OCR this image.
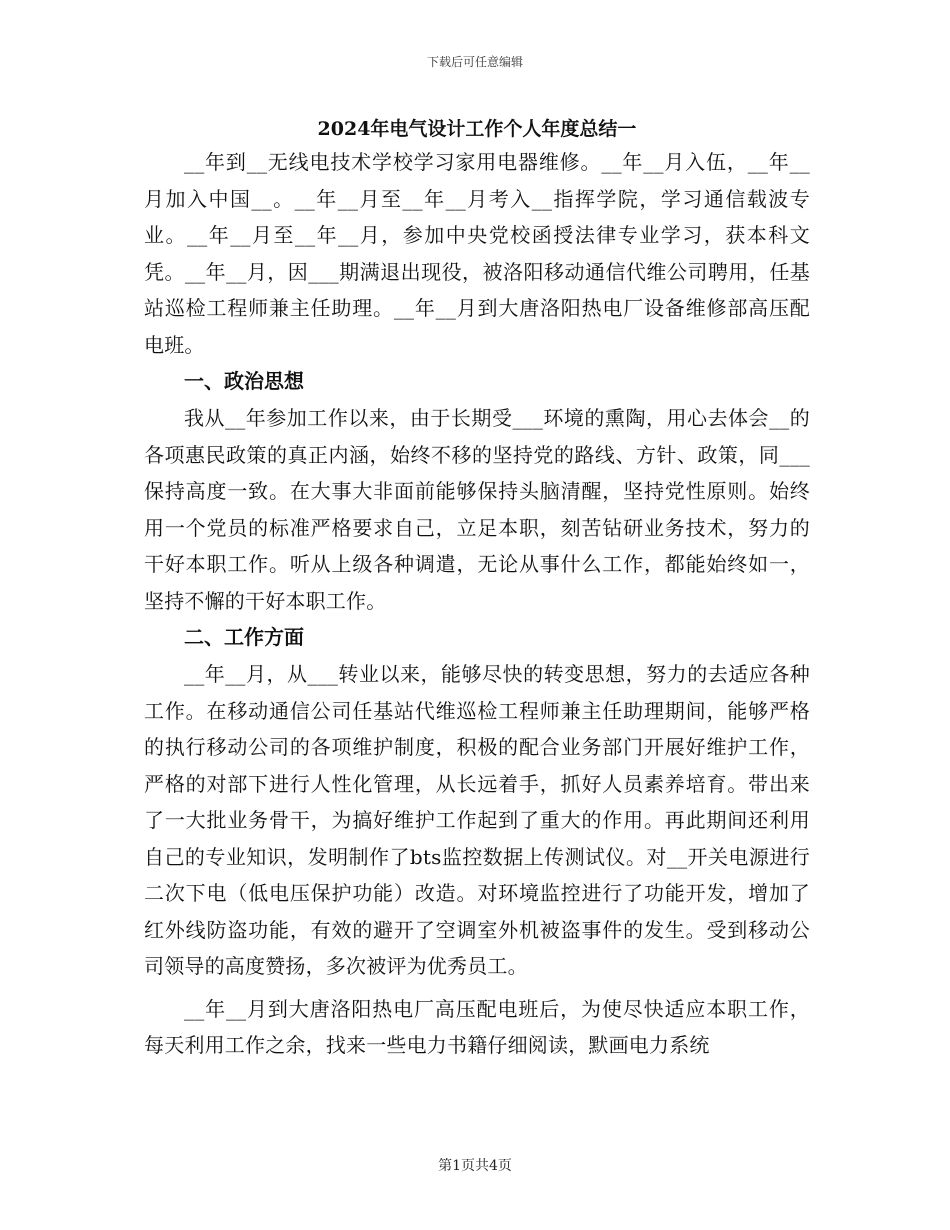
下载后可任意编辑
2024年电气设计工作个人年度总结一

__年到__无线电技术学校学习家用电器维修。__年__月入伍，__年__月加入中国__。__年__月至__年__月考入__指挥学院，学习通信载波专业。__年__月至__年__月，参加中央党校函授法律专业学习，获本科文凭。__年__月，因___期满退出现役，被洛阳移动通信代维公司聘用，任基站巡检工程师兼主任助理。__年__月到大唐洛阳热电厂设备维修部高压配电班。

一、政治思想

我从__年参加工作以来，由于长期受___环境的熏陶，用心去体会__的各项惠民政策的真正内涵，始终不移的坚持党的路线、方针、政策，同___保持高度一致。在大事大非面前能够保持头脑清醒，坚持党性原则。始终用一个党员的标准严格要求自己，立足本职，刻苦钻研业务技术，努力的干好本职工作。听从上级各种调遣，无论从事什么工作，都能始终如一，坚持不懈的干好本职工作。

二、工作方面

__年__月，从___转业以来，能够尽快的转变思想，努力的去适应各种工作。在移动通信公司任基站代维巡检工程师兼主任助理期间，能够严格的执行移动公司的各项维护制度，积极的配合业务部门开展好维护工作，严格的对部下进行人性化管理，从长远着手，抓好人员素养培育。带出来了一大批业务骨干，为搞好维护工作起到了重大的作用。再此期间还利用自己的专业知识，发明制作了bts监控数据上传测试仪。对__开关电源进行二次下电（低电压保护功能）改造。对环境监控进行了功能开发，增加了红外线防盗功能，有效的避开了空调室外机被盗事件的发生。受到移动公司领导的高度赞扬，多次被评为优秀员工。

__年__月到大唐洛阳热电厂高压配电班后，为使尽快适应本职工作，每天利用工作之余，找来一些电力书籍仔细阅读，默画电力系统

第1页共4页
